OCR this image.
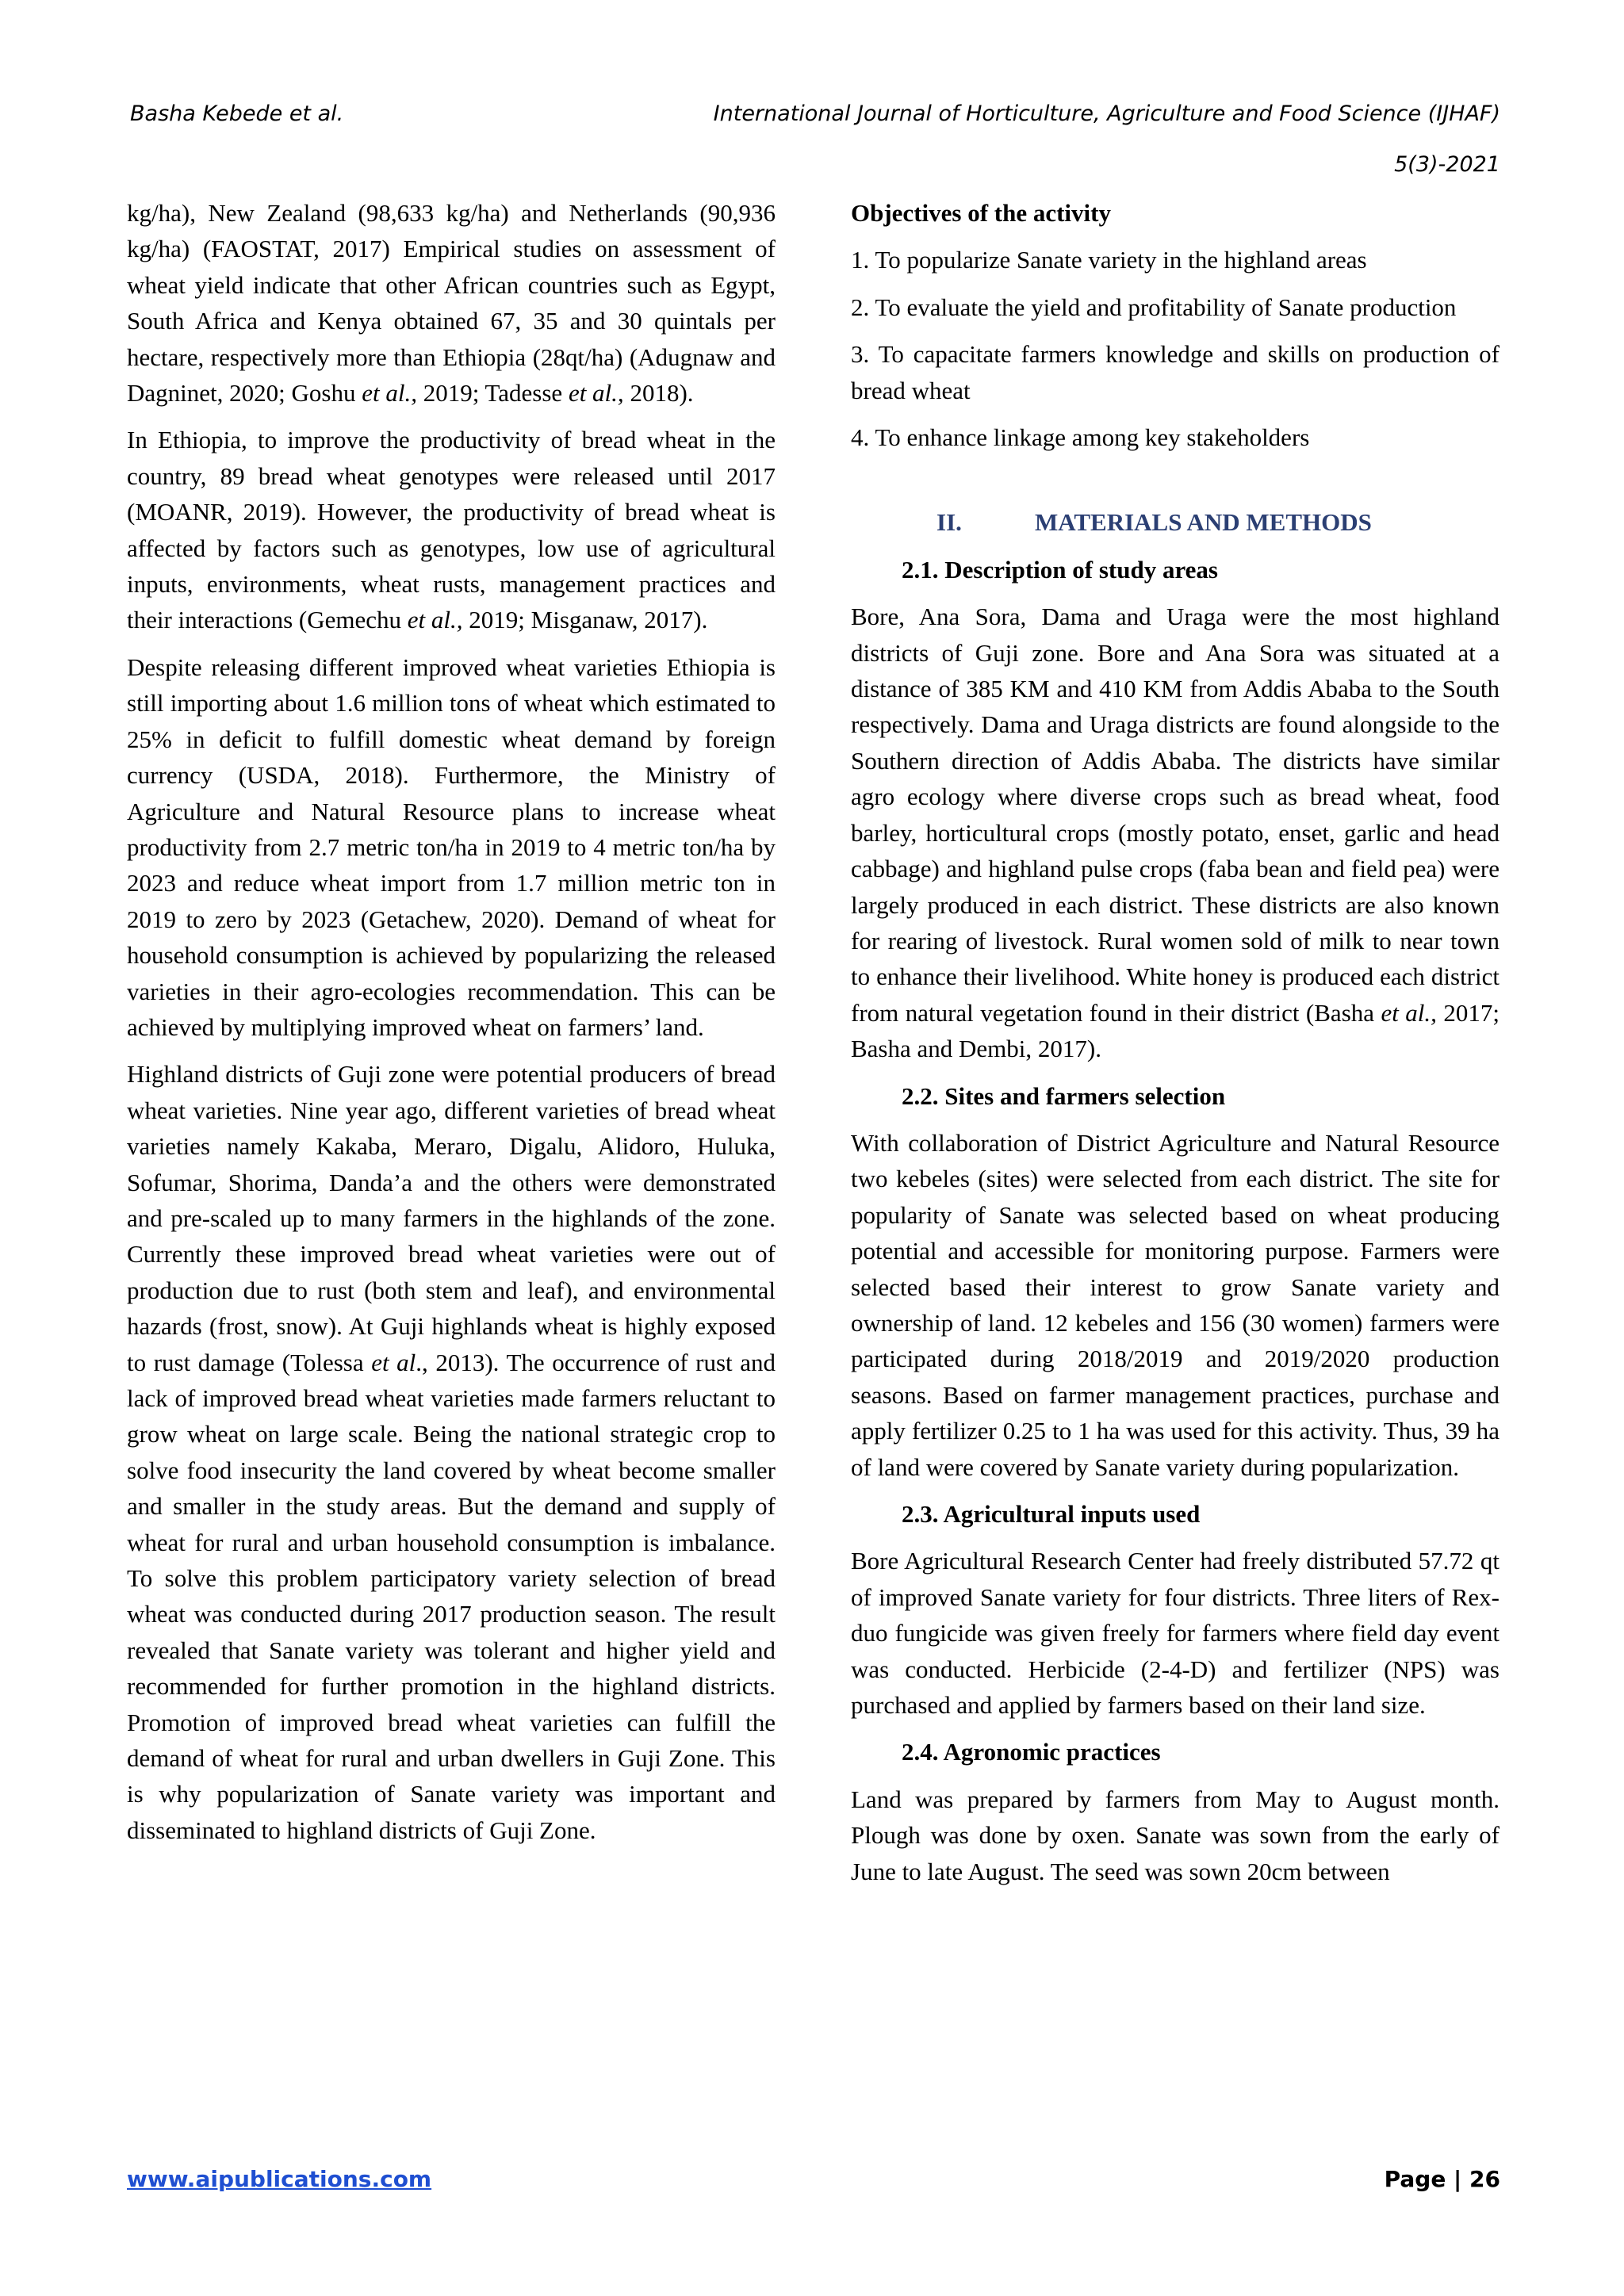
Basha Kebede et al.	International Journal of Horticulture, Agriculture and Food Science (IJHAF)
5(3)-2021

kg/ha), New Zealand (98,633 kg/ha) and Netherlands (90,936 kg/ha) (FAOSTAT, 2017) Empirical studies on assessment of wheat yield indicate that other African countries such as Egypt, South Africa and Kenya obtained 67, 35 and 30 quintals per hectare, respectively more than Ethiopia (28qt/ha) (Adugnaw and Dagninet, 2020; Goshu et al., 2019; Tadesse et al., 2018).

In Ethiopia, to improve the productivity of bread wheat in the country, 89 bread wheat genotypes were released until 2017 (MOANR, 2019). However, the productivity of bread wheat is affected by factors such as genotypes, low use of agricultural inputs, environments, wheat rusts, management practices and their interactions (Gemechu et al., 2019; Misganaw, 2017).

Despite releasing different improved wheat varieties Ethiopia is still importing about 1.6 million tons of wheat which estimated to 25% in deficit to fulfill domestic wheat demand by foreign currency (USDA, 2018). Furthermore, the Ministry of Agriculture and Natural Resource plans to increase wheat productivity from 2.7 metric ton/ha in 2019 to 4 metric ton/ha by 2023 and reduce wheat import from 1.7 million metric ton in 2019 to zero by 2023 (Getachew, 2020). Demand of wheat for household consumption is achieved by popularizing the released varieties in their agro-ecologies recommendation. This can be achieved by multiplying improved wheat on farmers’ land.

Highland districts of Guji zone were potential producers of bread wheat varieties. Nine year ago, different varieties of bread wheat varieties namely Kakaba, Meraro, Digalu, Alidoro, Huluka, Sofumar, Shorima, Danda’a and the others were demonstrated and pre-scaled up to many farmers in the highlands of the zone. Currently these improved bread wheat varieties were out of production due to rust (both stem and leaf), and environmental hazards (frost, snow). At Guji highlands wheat is highly exposed to rust damage (Tolessa et al., 2013). The occurrence of rust and lack of improved bread wheat varieties made farmers reluctant to grow wheat on large scale. Being the national strategic crop to solve food insecurity the land covered by wheat become smaller and smaller in the study areas. But the demand and supply of wheat for rural and urban household consumption is imbalance. To solve this problem participatory variety selection of bread wheat was conducted during 2017 production season. The result revealed that Sanate variety was tolerant and higher yield and recommended for further promotion in the highland districts. Promotion of improved bread wheat varieties can fulfill the demand of wheat for rural and urban dwellers in Guji Zone. This is why popularization of Sanate variety was important and disseminated to highland districts of Guji Zone.

Objectives of the activity
1. To popularize Sanate variety in the highland areas
2. To evaluate the yield and profitability of Sanate production
3. To capacitate farmers knowledge and skills on production of bread wheat
4. To enhance linkage among key stakeholders
II.	MATERIALS AND METHODS
2.1. Description of study areas

Bore, Ana Sora, Dama and Uraga were the most highland districts of Guji zone. Bore and Ana Sora was situated at a distance of 385 KM and 410 KM from Addis Ababa to the South respectively. Dama and Uraga districts are found alongside to the Southern direction of Addis Ababa. The districts have similar agro ecology where diverse crops such as bread wheat, food barley, horticultural crops (mostly potato, enset, garlic and head cabbage) and highland pulse crops (faba bean and field pea) were largely produced in each district. These districts are also known for rearing of livestock. Rural women sold of milk to near town to enhance their livelihood. White honey is produced each district from natural vegetation found in their district (Basha et al., 2017; Basha and Dembi, 2017).

2.2. Sites and farmers selection

With collaboration of District Agriculture and Natural Resource two kebeles (sites) were selected from each district. The site for popularity of Sanate was selected based on wheat producing potential and accessible for monitoring purpose. Farmers were selected based their interest to grow Sanate variety and ownership of land. 12 kebeles and 156 (30 women) farmers were participated during 2018/2019 and 2019/2020 production seasons. Based on farmer management practices, purchase and apply fertilizer 0.25 to 1 ha was used for this activity. Thus, 39 ha of land were covered by Sanate variety during popularization.

2.3. Agricultural inputs used

Bore Agricultural Research Center had freely distributed 57.72 qt of improved Sanate variety for four districts. Three liters of Rex-duo fungicide was given freely for farmers where field day event was conducted. Herbicide (2-4-D) and fertilizer (NPS) was purchased and applied by farmers based on their land size.

2.4. Agronomic practices

Land was prepared by farmers from May to August month. Plough was done by oxen. Sanate was sown from the early of June to late August. The seed was sown 20cm between

www.aipublications.com	Page | 26
